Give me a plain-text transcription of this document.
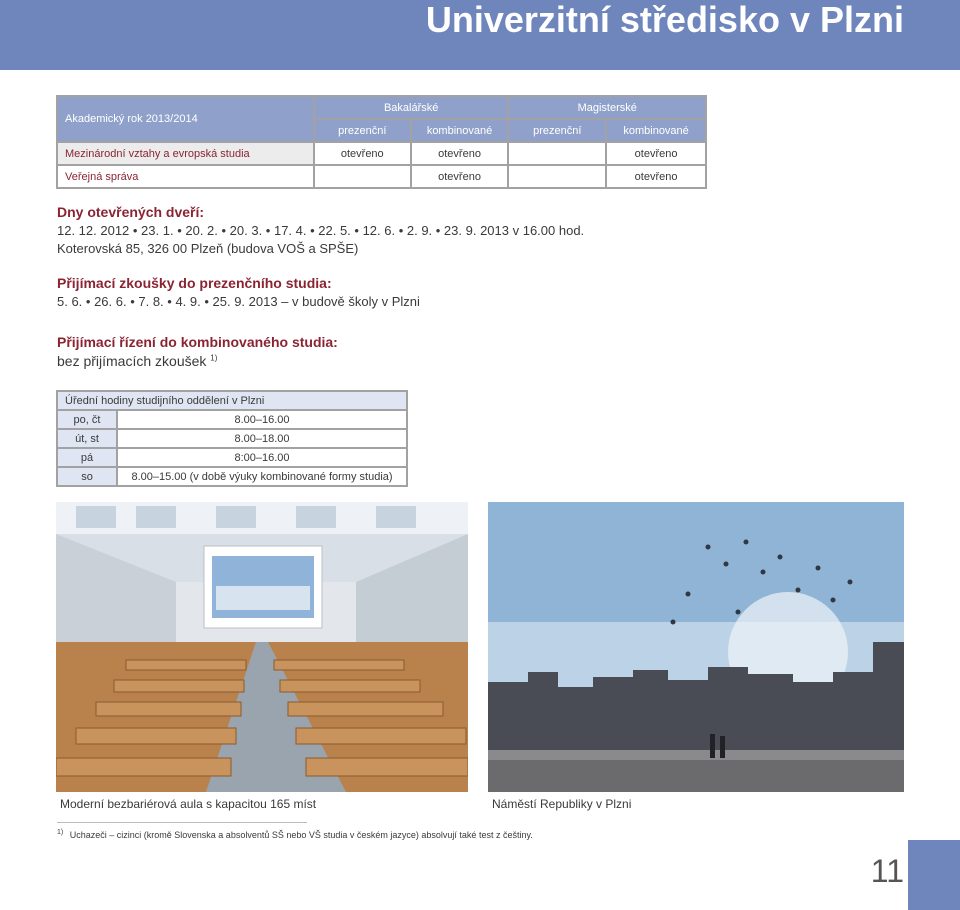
Univerzitní středisko v Plzni
Akademický rok 2013/2014	Bakalářské		Magisterské	
	prezenční	kombinované	prezenční	kombinované
Mezinárodní vztahy a evropská studia	otevřeno	otevřeno		otevřeno
Veřejná správa		otevřeno		otevřeno
Dny otevřených dveří:
12. 12. 2012 • 23. 1. • 20. 2. • 20. 3. • 17. 4. • 22. 5. • 12. 6. • 2. 9. • 23. 9. 2013 v 16.00 hod.
Koterovská 85, 326 00 Plzeň (budova VOŠ a SPŠE)
Přijímací zkoušky do prezenčního studia:
5. 6. • 26. 6. • 7. 8. • 4. 9. • 25. 9. 2013 – v budově školy v Plzni
Přijímací řízení do kombinovaného studia:
bez přijímacích zkoušek $^{1)}$
Úřední hodiny studijního oddělení v Plzni	
po, čt	8.00–16.00
út, st	8.00–18.00
pá	8:00–16.00
so	8.00–15.00 (v době výuky kombinované formy studia)
Moderní bezbariérová aula s kapacitou 165 míst	Náměstí Republiky v Plzni
$^{1)}$ Uchazeči – cizinci (kromě Slovenska a absolventů SŠ nebo VŠ studia v českém jazyce) absolvují také test z češtiny.
11
